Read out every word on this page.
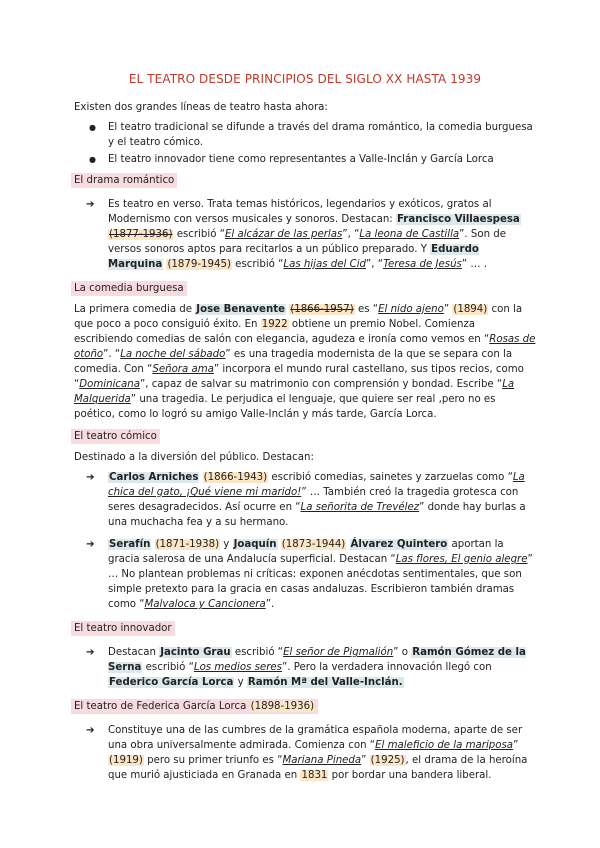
EL TEATRO DESDE PRINCIPIOS DEL SIGLO XX HASTA 1939

Existen dos grandes líneas de teatro hasta ahora:

● El teatro tradicional se difunde a través del drama romántico, la comedia burguesa y el teatro cómico.
● El teatro innovador tiene como representantes a Valle-Inclán y García Lorca
El drama romántico
➔ Es teatro en verso. Trata temas históricos, legendarios y exóticos, gratos al Modernismo con versos musicales y sonoros. Destacan: Francisco Villaespesa (1877-1936) escribió “El alcázar de las perlas”, “La leona de Castilla”. Son de versos sonoros aptos para recitarlos a un público preparado. Y Eduardo Marquina (1879-1945) escribió “Las hijas del Cid”, “Teresa de Jesús” … .
La comedia burguesa

La primera comedia de Jose Benavente (1866-1957) es “El nido ajeno” (1894) con la que poco a poco consiguió éxito. En 1922 obtiene un premio Nobel. Comienza escribiendo comedias de salón con elegancia, agudeza e ironía como vemos en “Rosas de otoño”. “La noche del sábado” es una tragedia modernista de la que se separa con la comedia. Con “Señora ama” incorpora el mundo rural castellano, sus tipos recios, como “Dominicana”, capaz de salvar su matrimonio con comprensión y bondad. Escribe “La Malquerida” una tragedia. Le perjudica el lenguaje, que quiere ser real ,pero no es poético, como lo logró su amigo Valle-Inclán y más tarde, García Lorca.

El teatro cómico

Destinado a la diversión del público. Destacan:

➔ Carlos Arniches (1866-1943) escribió comedias, sainetes y zarzuelas como “La chica del gato, ¡Qué viene mi marido!” … También creó la tragedia grotesca con seres desagradecidos. Así ocurre en “La señorita de Trevélez” donde hay burlas a una muchacha fea y a su hermano.
➔ Serafín (1871-1938) y Joaquín (1873-1944) Álvarez Quintero aportan la gracia salerosa de una Andalucía superficial. Destacan “Las flores, El genio alegre” … No plantean problemas ni críticas: exponen anécdotas sentimentales, que son simple pretexto para la gracia en casas andaluzas. Escribieron también dramas como “Malvaloca y Cancionera”.
El teatro innovador
➔ Destacan Jacinto Grau escribió “El señor de Pigmalión” o Ramón Gómez de la Serna escribió “Los medios seres”. Pero la verdadera innovación llegó con Federico García Lorca y Ramón Mª del Valle-Inclán.
El teatro de Federica García Lorca (1898-1936)
➔ Constituye una de las cumbres de la gramática española moderna, aparte de ser una obra universalmente admirada. Comienza con “El maleficio de la mariposa” (1919) pero su primer triunfo es “Mariana Pineda” (1925), el drama de la heroína que murió ajusticiada en Granada en 1831 por bordar una bandera liberal.
